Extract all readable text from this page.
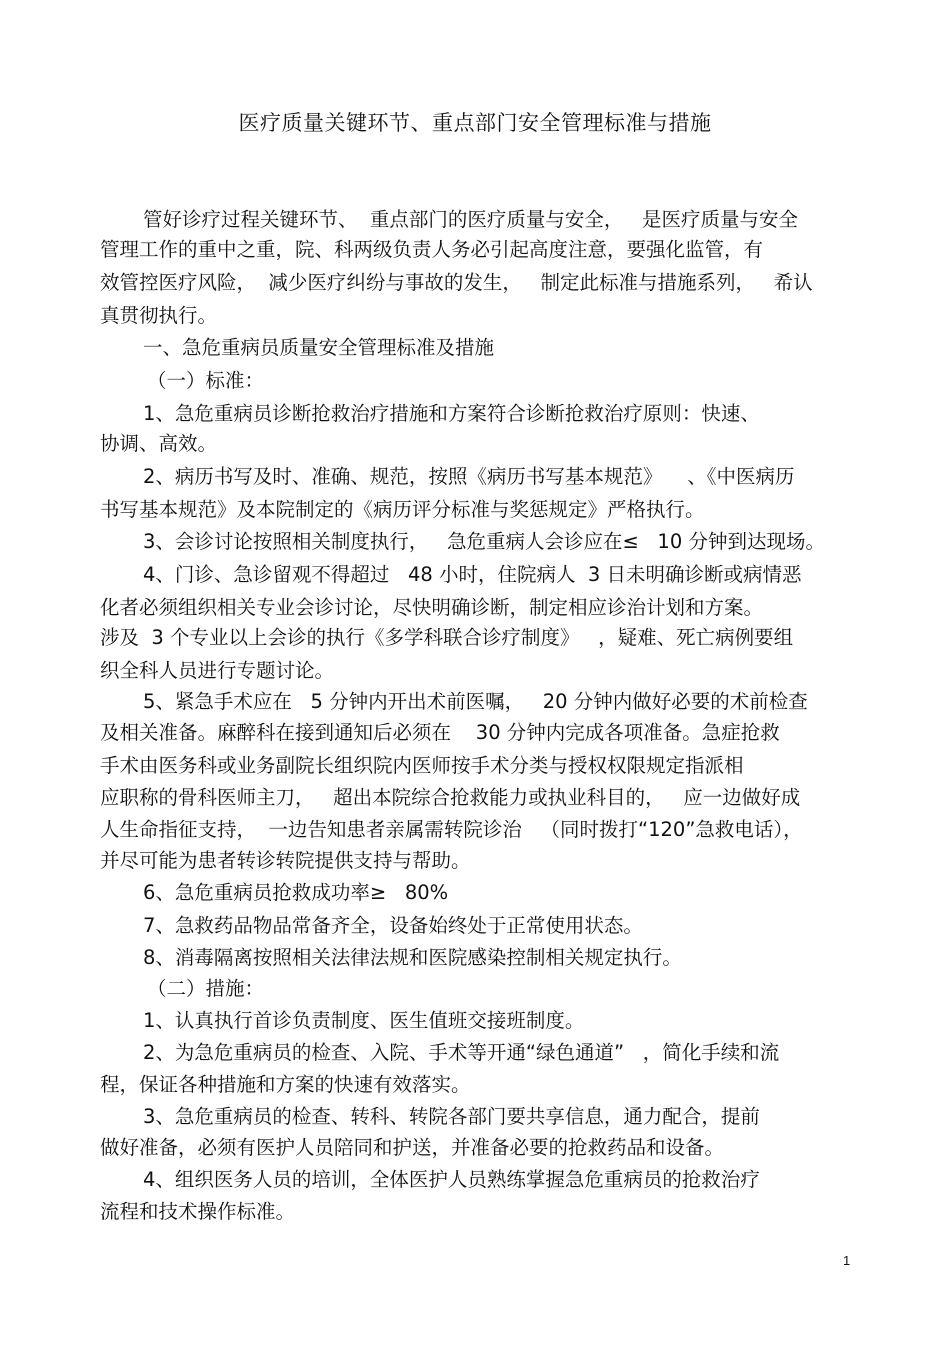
医疗质量关键环节、重点部门安全管理标准与措施
管好诊疗过程关键环节、  重点部门的医疗质量与安全，   是医疗质量与安全
管理工作的重中之重，院、科两级负责人务必引起高度注意，要强化监管，有
效管控医疗风险，  减少医疗纠纷与事故的发生，   制定此标准与措施系列，   希认
真贯彻执行。
一、急危重病员质量安全管理标准及措施
（一）标准：
1、急危重病员诊断抢救治疗措施和方案符合诊断抢救治疗原则：快速、
协调、高效。
2、病历书写及时、准确、规范，按照《病历书写基本规范》    、《中医病历
书写基本规范》及本院制定的《病历评分标准与奖惩规定》严格执行。
3、会诊讨论按照相关制度执行，   急危重病人会诊应在≤   10 分钟到达现场。
4、门诊、急诊留观不得超过   48 小时，住院病人  3 日未明确诊断或病情恶
化者必须组织相关专业会诊讨论，尽快明确诊断，制定相应诊治计划和方案。
涉及  3 个专业以上会诊的执行《多学科联合诊疗制度》   ，疑难、死亡病例要组
织全科人员进行专题讨论。
5、紧急手术应在   5 分钟内开出术前医嘱，   20 分钟内做好必要的术前检查
及相关准备。麻醉科在接到通知后必须在    30 分钟内完成各项准备。急症抢救
手术由医务科或业务副院长组织院内医师按手术分类与授权权限规定指派相
应职称的骨科医师主刀，   超出本院综合抢救能力或执业科目的，   应一边做好成
人生命指征支持，  一边告知患者亲属需转院诊治   （同时拨打“120”急救电话），
并尽可能为患者转诊转院提供支持与帮助。
6、急危重病员抢救成功率≥   80%
7、急救药品物品常备齐全，设备始终处于正常使用状态。
8、消毒隔离按照相关法律法规和医院感染控制相关规定执行。
（二）措施：
1、认真执行首诊负责制度、医生值班交接班制度。
2、为急危重病员的检查、入院、手术等开通“绿色通道”   ，简化手续和流
程，保证各种措施和方案的快速有效落实。
3、急危重病员的检查、转科、转院各部门要共享信息，通力配合，提前
做好准备，必须有医护人员陪同和护送，并准备必要的抢救药品和设备。
4、组织医务人员的培训，全体医护人员熟练掌握急危重病员的抢救治疗
流程和技术操作标准。
1
